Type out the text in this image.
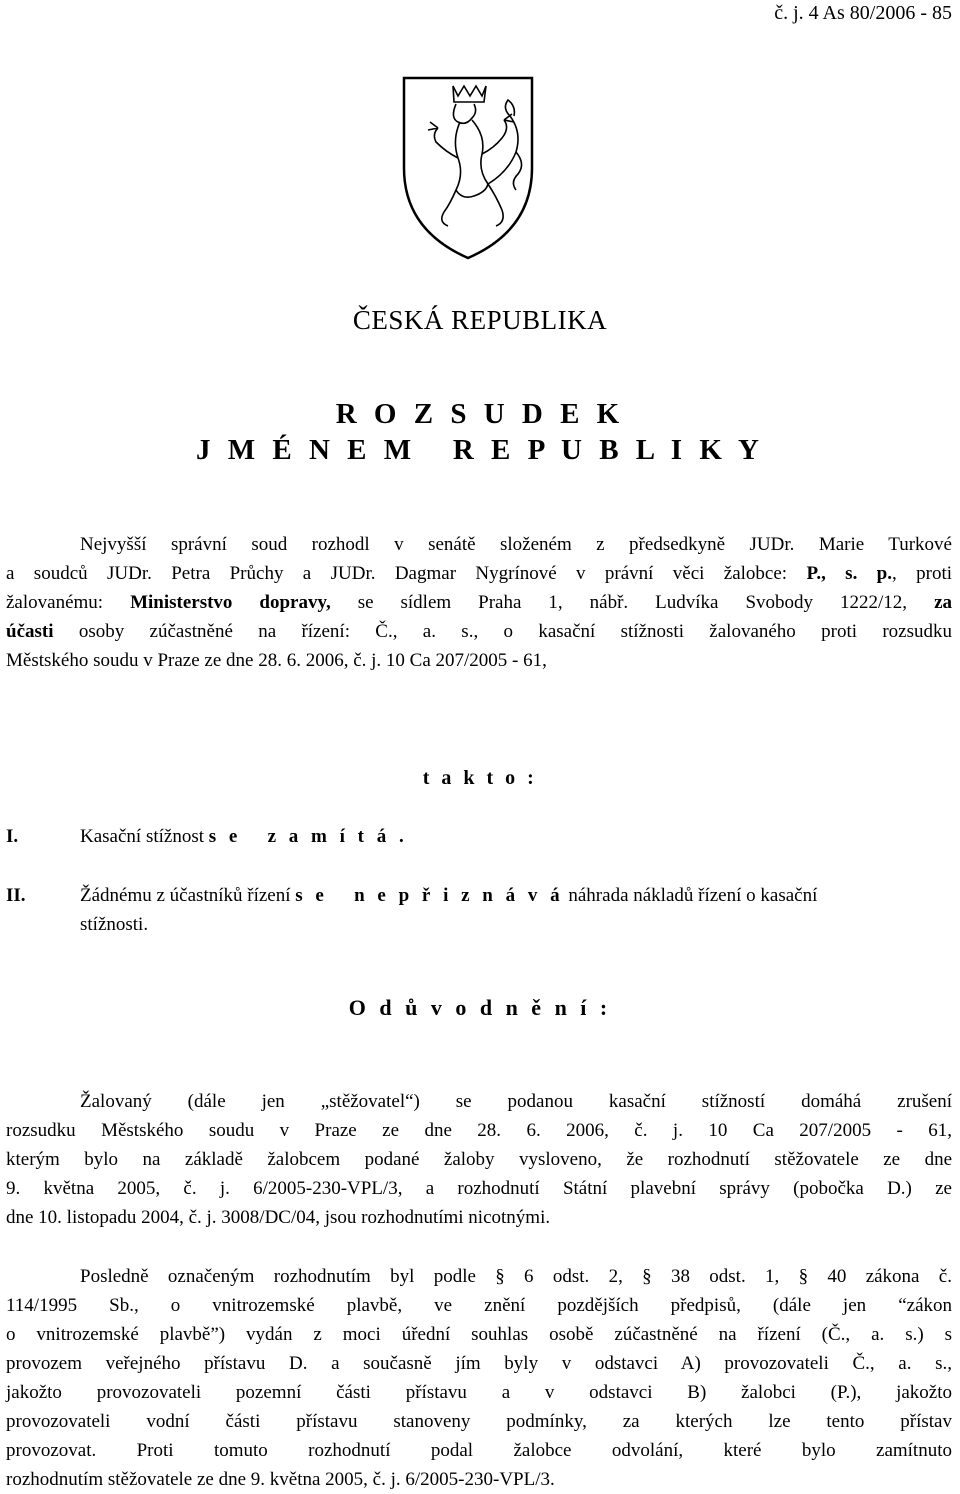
č. j. 4 As 80/2006 - 85
ČESKÁ REPUBLIKA
R O Z S U D E K
J M É N E M   R E P U B L I K Y
Nejvyšší správní soud rozhodl v senátě složeném z předsedkyně JUDr. Marie Turkové
a soudců JUDr. Petra Průchy a JUDr. Dagmar Nygrínové v právní věci žalobce: P., s. p., proti
žalovanému: Ministerstvo dopravy, se sídlem Praha 1, nábř. Ludvíka Svobody 1222/12, za
účasti osoby zúčastněné na řízení: Č., a. s., o kasační stížnosti žalovaného proti rozsudku
Městského soudu v Praze ze dne 28. 6. 2006, č. j. 10 Ca 207/2005 - 61,
t a k t o :
I.	Kasační stížnost s e   z a m í t á .
II.	Žádnému z účastníků řízení s e   n e p ř i z n á v á náhrada nákladů řízení o kasační
stížnosti.
O d ů v o d n ě n í :
Žalovaný (dále jen „stěžovatel“) se podanou kasační stížností domáhá zrušení
rozsudku Městského soudu v Praze ze dne 28. 6. 2006, č. j. 10 Ca 207/2005 - 61,
kterým bylo na základě žalobcem podané žaloby vysloveno, že rozhodnutí stěžovatele ze dne
9. května 2005, č. j. 6/2005-230-VPL/3, a rozhodnutí Státní plavební správy (pobočka D.) ze
dne 10. listopadu 2004, č. j. 3008/DC/04, jsou rozhodnutími nicotnými.
Posledně označeným rozhodnutím byl podle § 6 odst. 2, § 38 odst. 1, § 40 zákona č.
114/1995 Sb., o vnitrozemské plavbě, ve znění pozdějších předpisů, (dále jen “zákon
o vnitrozemské plavbě”) vydán z moci úřední souhlas osobě zúčastněné na řízení (Č., a. s.) s
provozem veřejného přístavu D. a současně jím byly v odstavci A) provozovateli Č., a. s.,
jakožto provozovateli pozemní části přístavu a v odstavci B) žalobci (P.), jakožto
provozovateli vodní části přístavu stanoveny podmínky, za kterých lze tento přístav
provozovat. Proti tomuto rozhodnutí podal žalobce odvolání, které bylo zamítnuto
rozhodnutím stěžovatele ze dne 9. května 2005, č. j. 6/2005-230-VPL/3.
